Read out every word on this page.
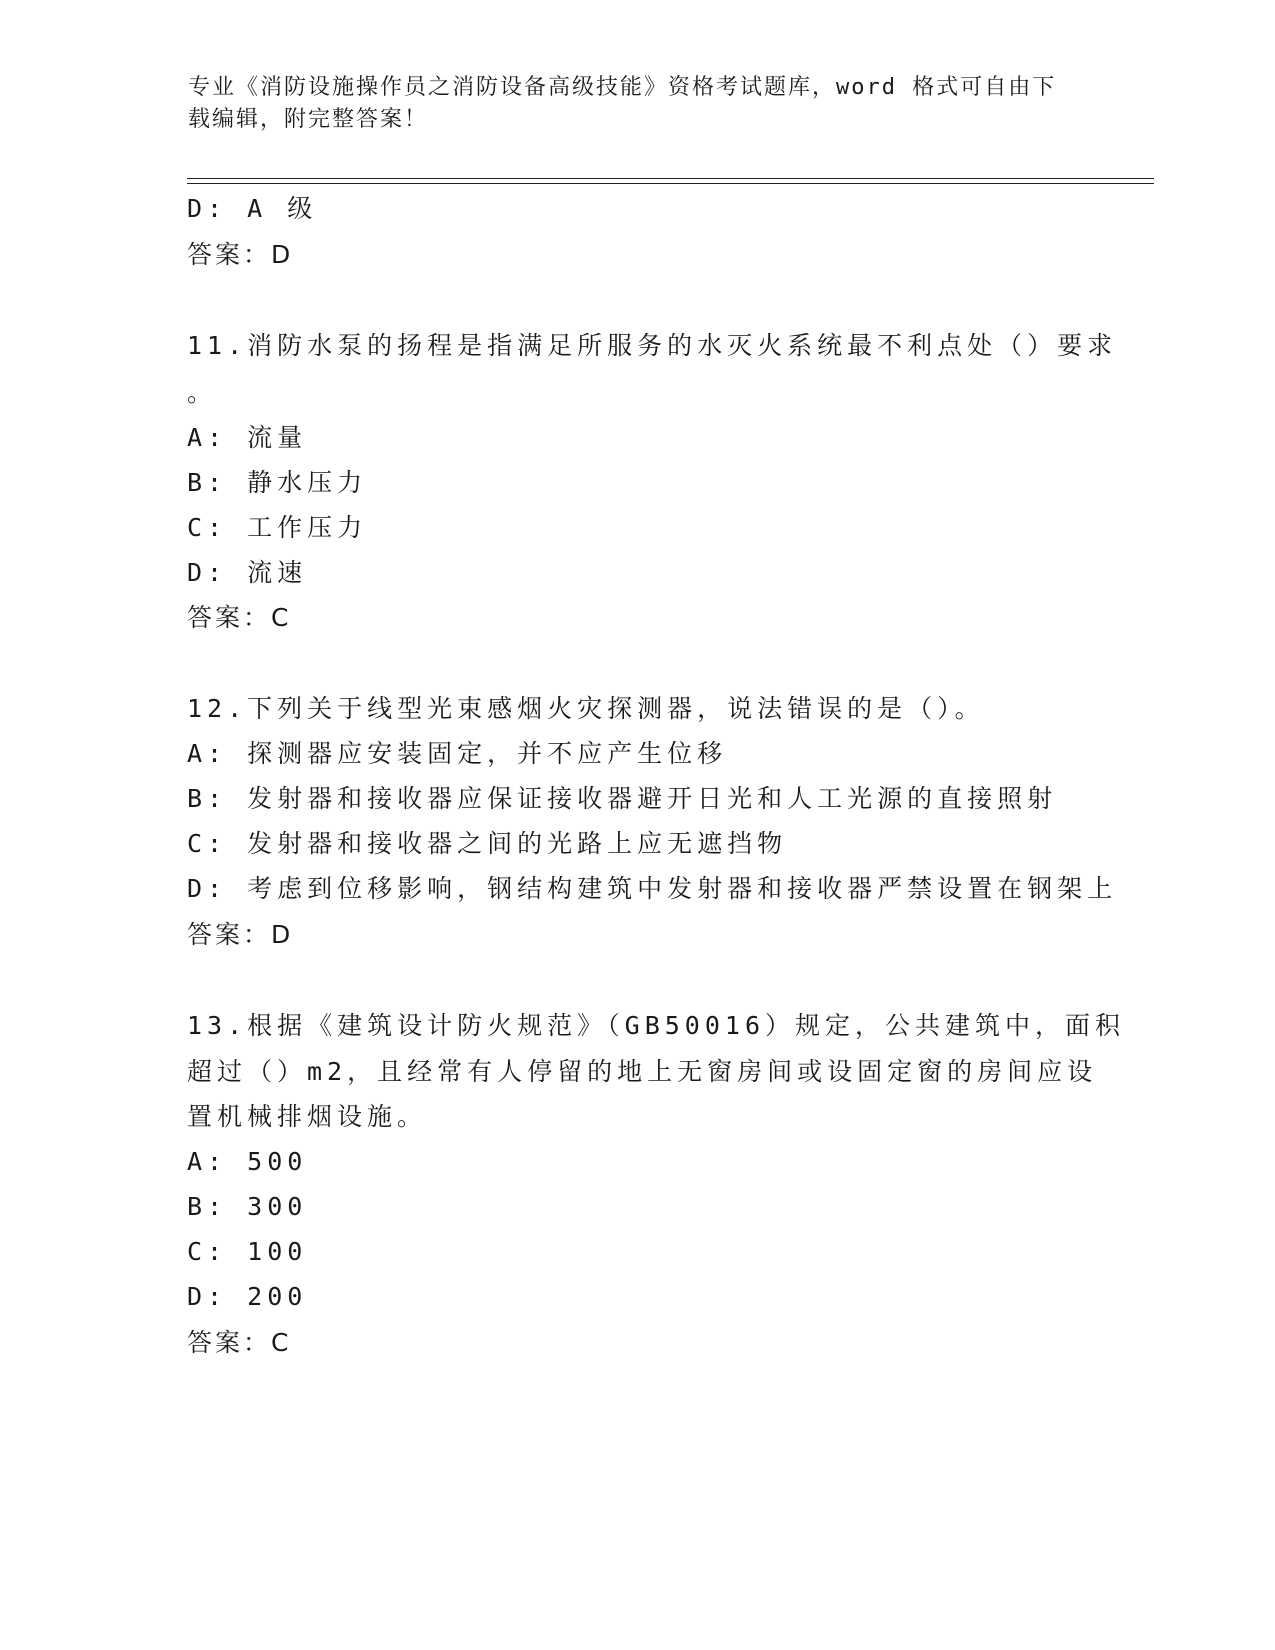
专业《消防设施操作员之消防设备高级技能》资格考试题库，word 格式可自由下
载编辑，附完整答案！
D: A 级
答案：D
11.消防水泵的扬程是指满足所服务的水灭火系统最不利点处（）要求
。
A: 流量
B: 静水压力
C: 工作压力
D: 流速
答案：C
12.下列关于线型光束感烟火灾探测器，说法错误的是（）。
A: 探测器应安装固定，并不应产生位移
B: 发射器和接收器应保证接收器避开日光和人工光源的直接照射
C: 发射器和接收器之间的光路上应无遮挡物
D: 考虑到位移影响，钢结构建筑中发射器和接收器严禁设置在钢架上
答案：D
13.根据《建筑设计防火规范》（GB50016）规定，公共建筑中，面积
超过（）m2，且经常有人停留的地上无窗房间或设固定窗的房间应设
置机械排烟设施。
A: 500
B: 300
C: 100
D: 200
答案：C
